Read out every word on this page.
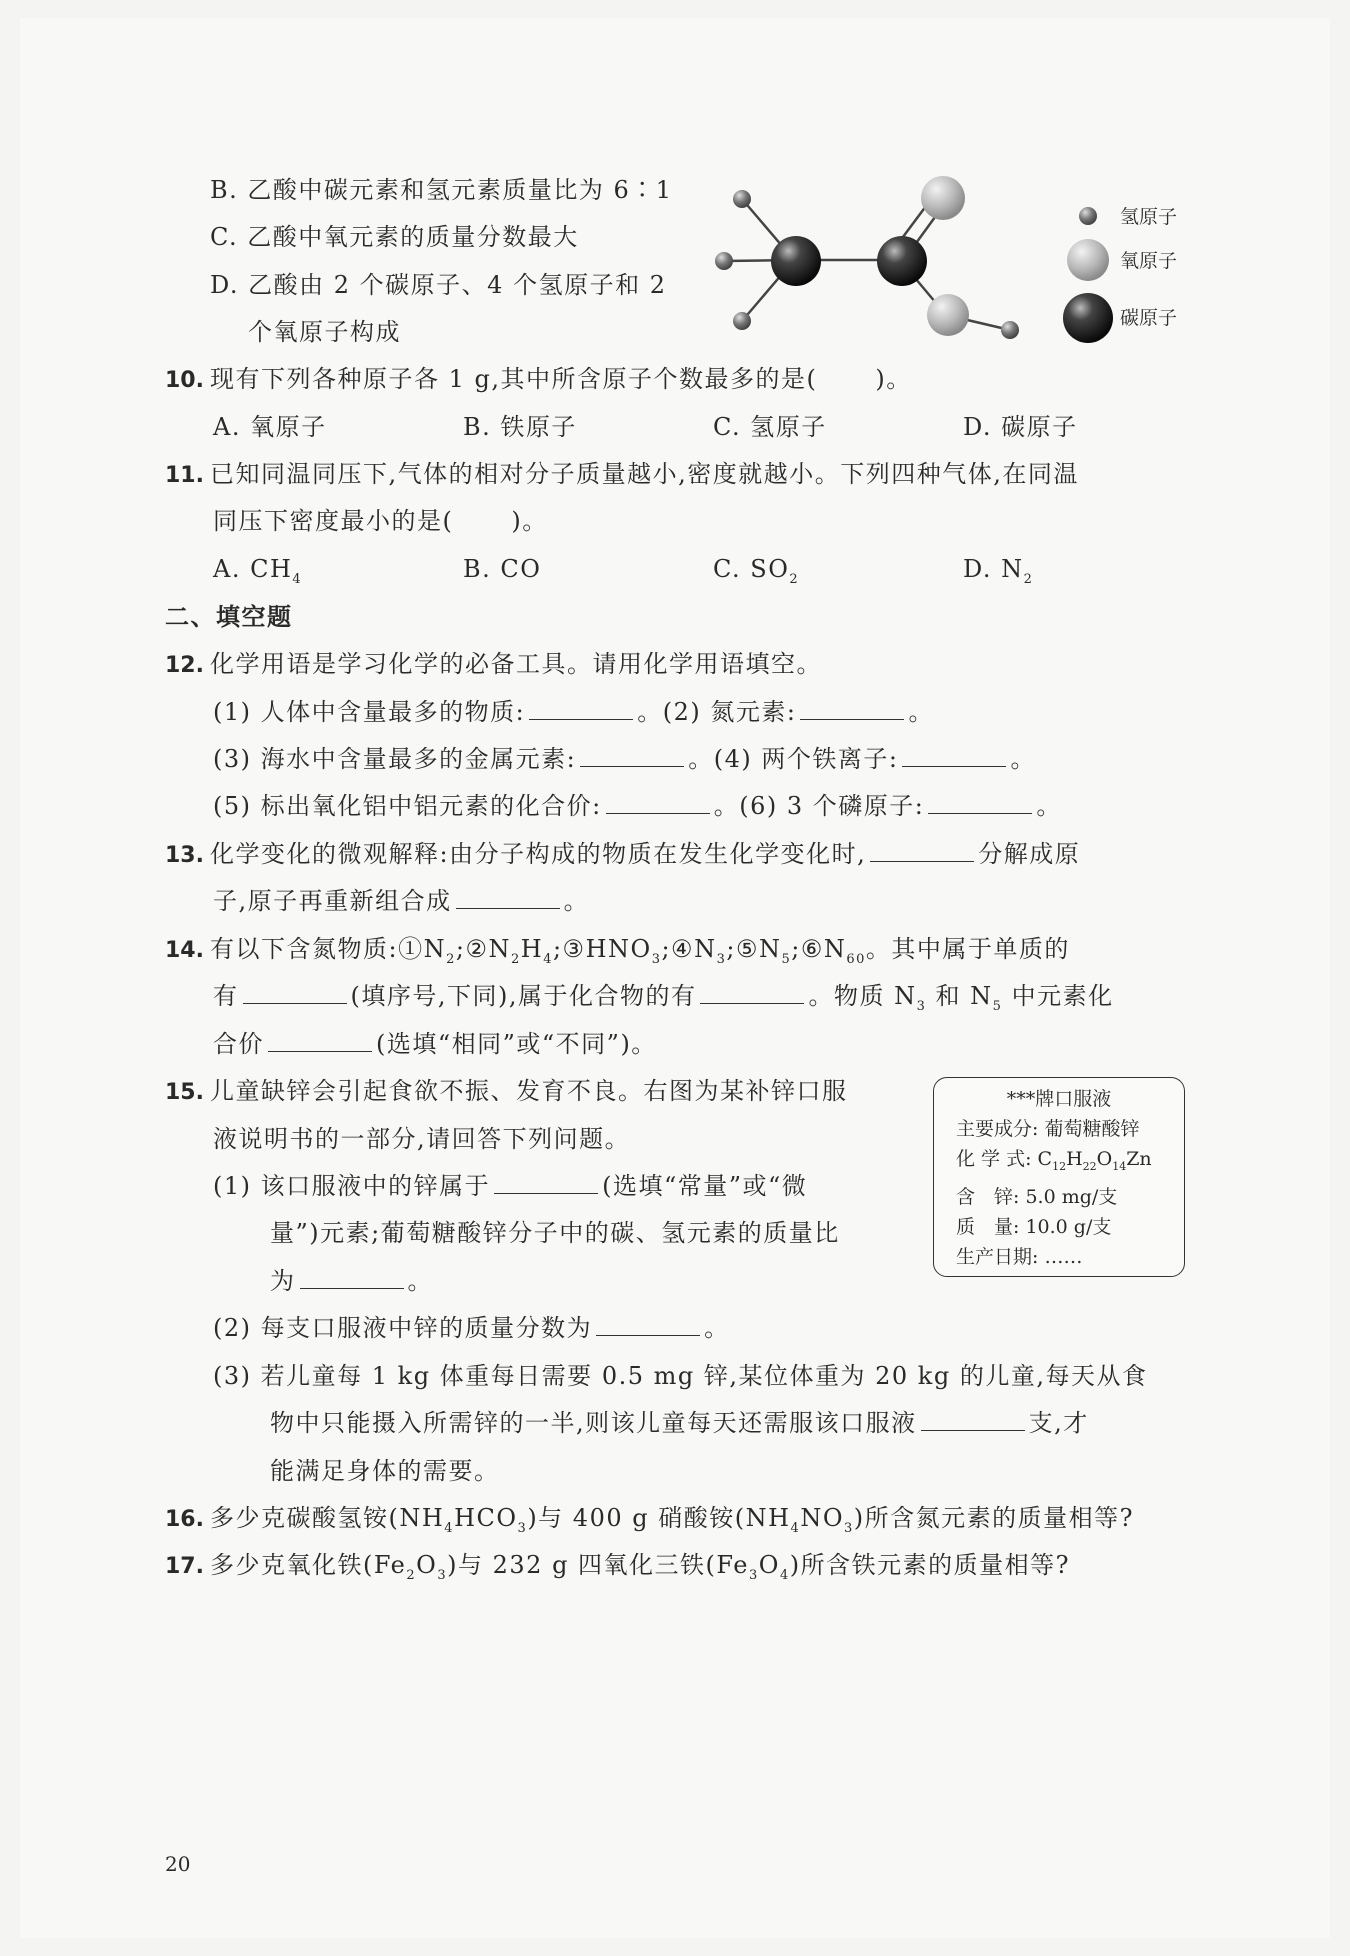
B. 乙酸中碳元素和氢元素质量比为 6∶1
C. 乙酸中氧元素的质量分数最大
D. 乙酸由 2 个碳原子、4 个氢原子和 2
个氧原子构成
氢原子
氧原子
碳原子
10. 现有下列各种原子各 1 g,其中所含原子个数最多的是( )。
A. 氧原子	B. 铁原子	C. 氢原子	D. 碳原子
11. 已知同温同压下,气体的相对分子质量越小,密度就越小。下列四种气体,在同温
同压下密度最小的是( )。
A. $CH_4$	B. CO	C. $SO_2$	D. $N_2$
二、填空题
12. 化学用语是学习化学的必备工具。请用化学用语填空。
(1) 人体中含量最多的物质:	。(2) 氮元素:	。
(3) 海水中含量最多的金属元素:	。(4) 两个铁离子:	。
(5) 标出氧化铝中铝元素的化合价:	。(6) 3 个磷原子:	。
13. 化学变化的微观解释:由分子构成的物质在发生化学变化时,	分解成原
子,原子再重新组合成	。
14. 有以下含氮物质$:①N_2;②N_2H_4;③HNO_3;④N_3;⑤N_5;⑥N_{60}$。其中属于单质的
有	(填序号,下同),属于化合物的有	。物质 $N_3$ 和 $N_5$ 中元素化
合价	(选填“相同”或“不同”)。
15. 儿童缺锌会引起食欲不振、发育不良。右图为某补锌口服
液说明书的一部分,请回答下列问题。
(1) 该口服液中的锌属于	(选填“常量”或“微
量”)元素;葡萄糖酸锌分子中的碳、氢元素的质量比
为	。
(2) 每支口服液中锌的质量分数为	。
(3) 若儿童每 1 kg 体重每日需要 0.5 mg 锌,某位体重为 20 kg 的儿童,每天从食
物中只能摄入所需锌的一半,则该儿童每天还需服该口服液	支,才
能满足身体的需要。
***牌口服液
主要成分: 葡萄糖酸锌
化 学 式: $C_{12}H_{22}O_{14}Zn$
含　锌: 5.0 mg/支
质　量: 10.0 g/支
生产日期: ……
16. 多少克碳酸氢铵$(NH_4HCO_3)$与 400 g 硝酸铵$(NH_4NO_3)$所含氮元素的质量相等?
17. 多少克氧化铁$(Fe_2O_3)$与 232 g 四氧化三铁$(Fe_3O_4)$所含铁元素的质量相等?
20
